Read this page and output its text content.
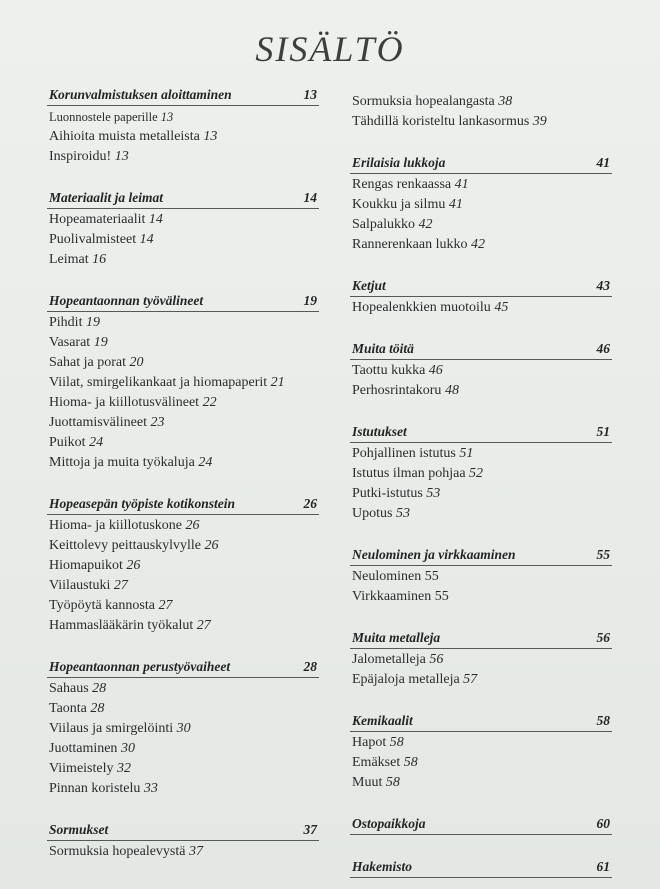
SISÄLTÖ
Korunvalmistuksen aloittaminen	13
Luonnostele paperille 13
Aihioita muista metalleista 13
Inspiroidu! 13
Materiaalit ja leimat	14
Hopeamateriaalit 14
Puolivalmisteet 14
Leimat 16
Hopeantaonnan työvälineet	19
Pihdit 19
Vasarat 19
Sahat ja porat 20
Viilat, smirgelikankaat ja hiomapaperit 21
Hioma- ja kiillotusvälineet 22
Juottamisvälineet 23
Puikot 24
Mittoja ja muita työkaluja 24
Hopeasepän työpiste kotikonstein	26
Hioma- ja kiillotuskone 26
Keittolevy peittauskylvylle 26
Hiomapuikot 26
Viilaustuki 27
Työpöytä kannosta 27
Hammaslääkärin työkalut 27
Hopeantaonnan perustyövaiheet	28
Sahaus 28
Taonta 28
Viilaus ja smirgelöinti 30
Juottaminen 30
Viimeistely 32
Pinnan koristelu 33
Sormukset	37
Sormuksia hopealevystä 37
Sormuksia hopealangasta 38
Tähdillä koristeltu lankasormus 39
Erilaisia lukkoja	41
Rengas renkaassa 41
Koukku ja silmu 41
Salpalukko 42
Rannerenkaan lukko 42
Ketjut	43
Hopealenkkien muotoilu 45
Muita töitä	46
Taottu kukka 46
Perhosrintakoru 48
Istutukset	51
Pohjallinen istutus 51
Istutus ilman pohjaa 52
Putki-istutus 53
Upotus 53
Neulominen ja virkkaaminen	55
Neulominen 55
Virkkaaminen 55
Muita metalleja	56
Jalometalleja 56
Epäjaloja metalleja 57
Kemikaalit	58
Hapot 58
Emäkset 58
Muut 58
Ostopaikkoja	60
Hakemisto	61
